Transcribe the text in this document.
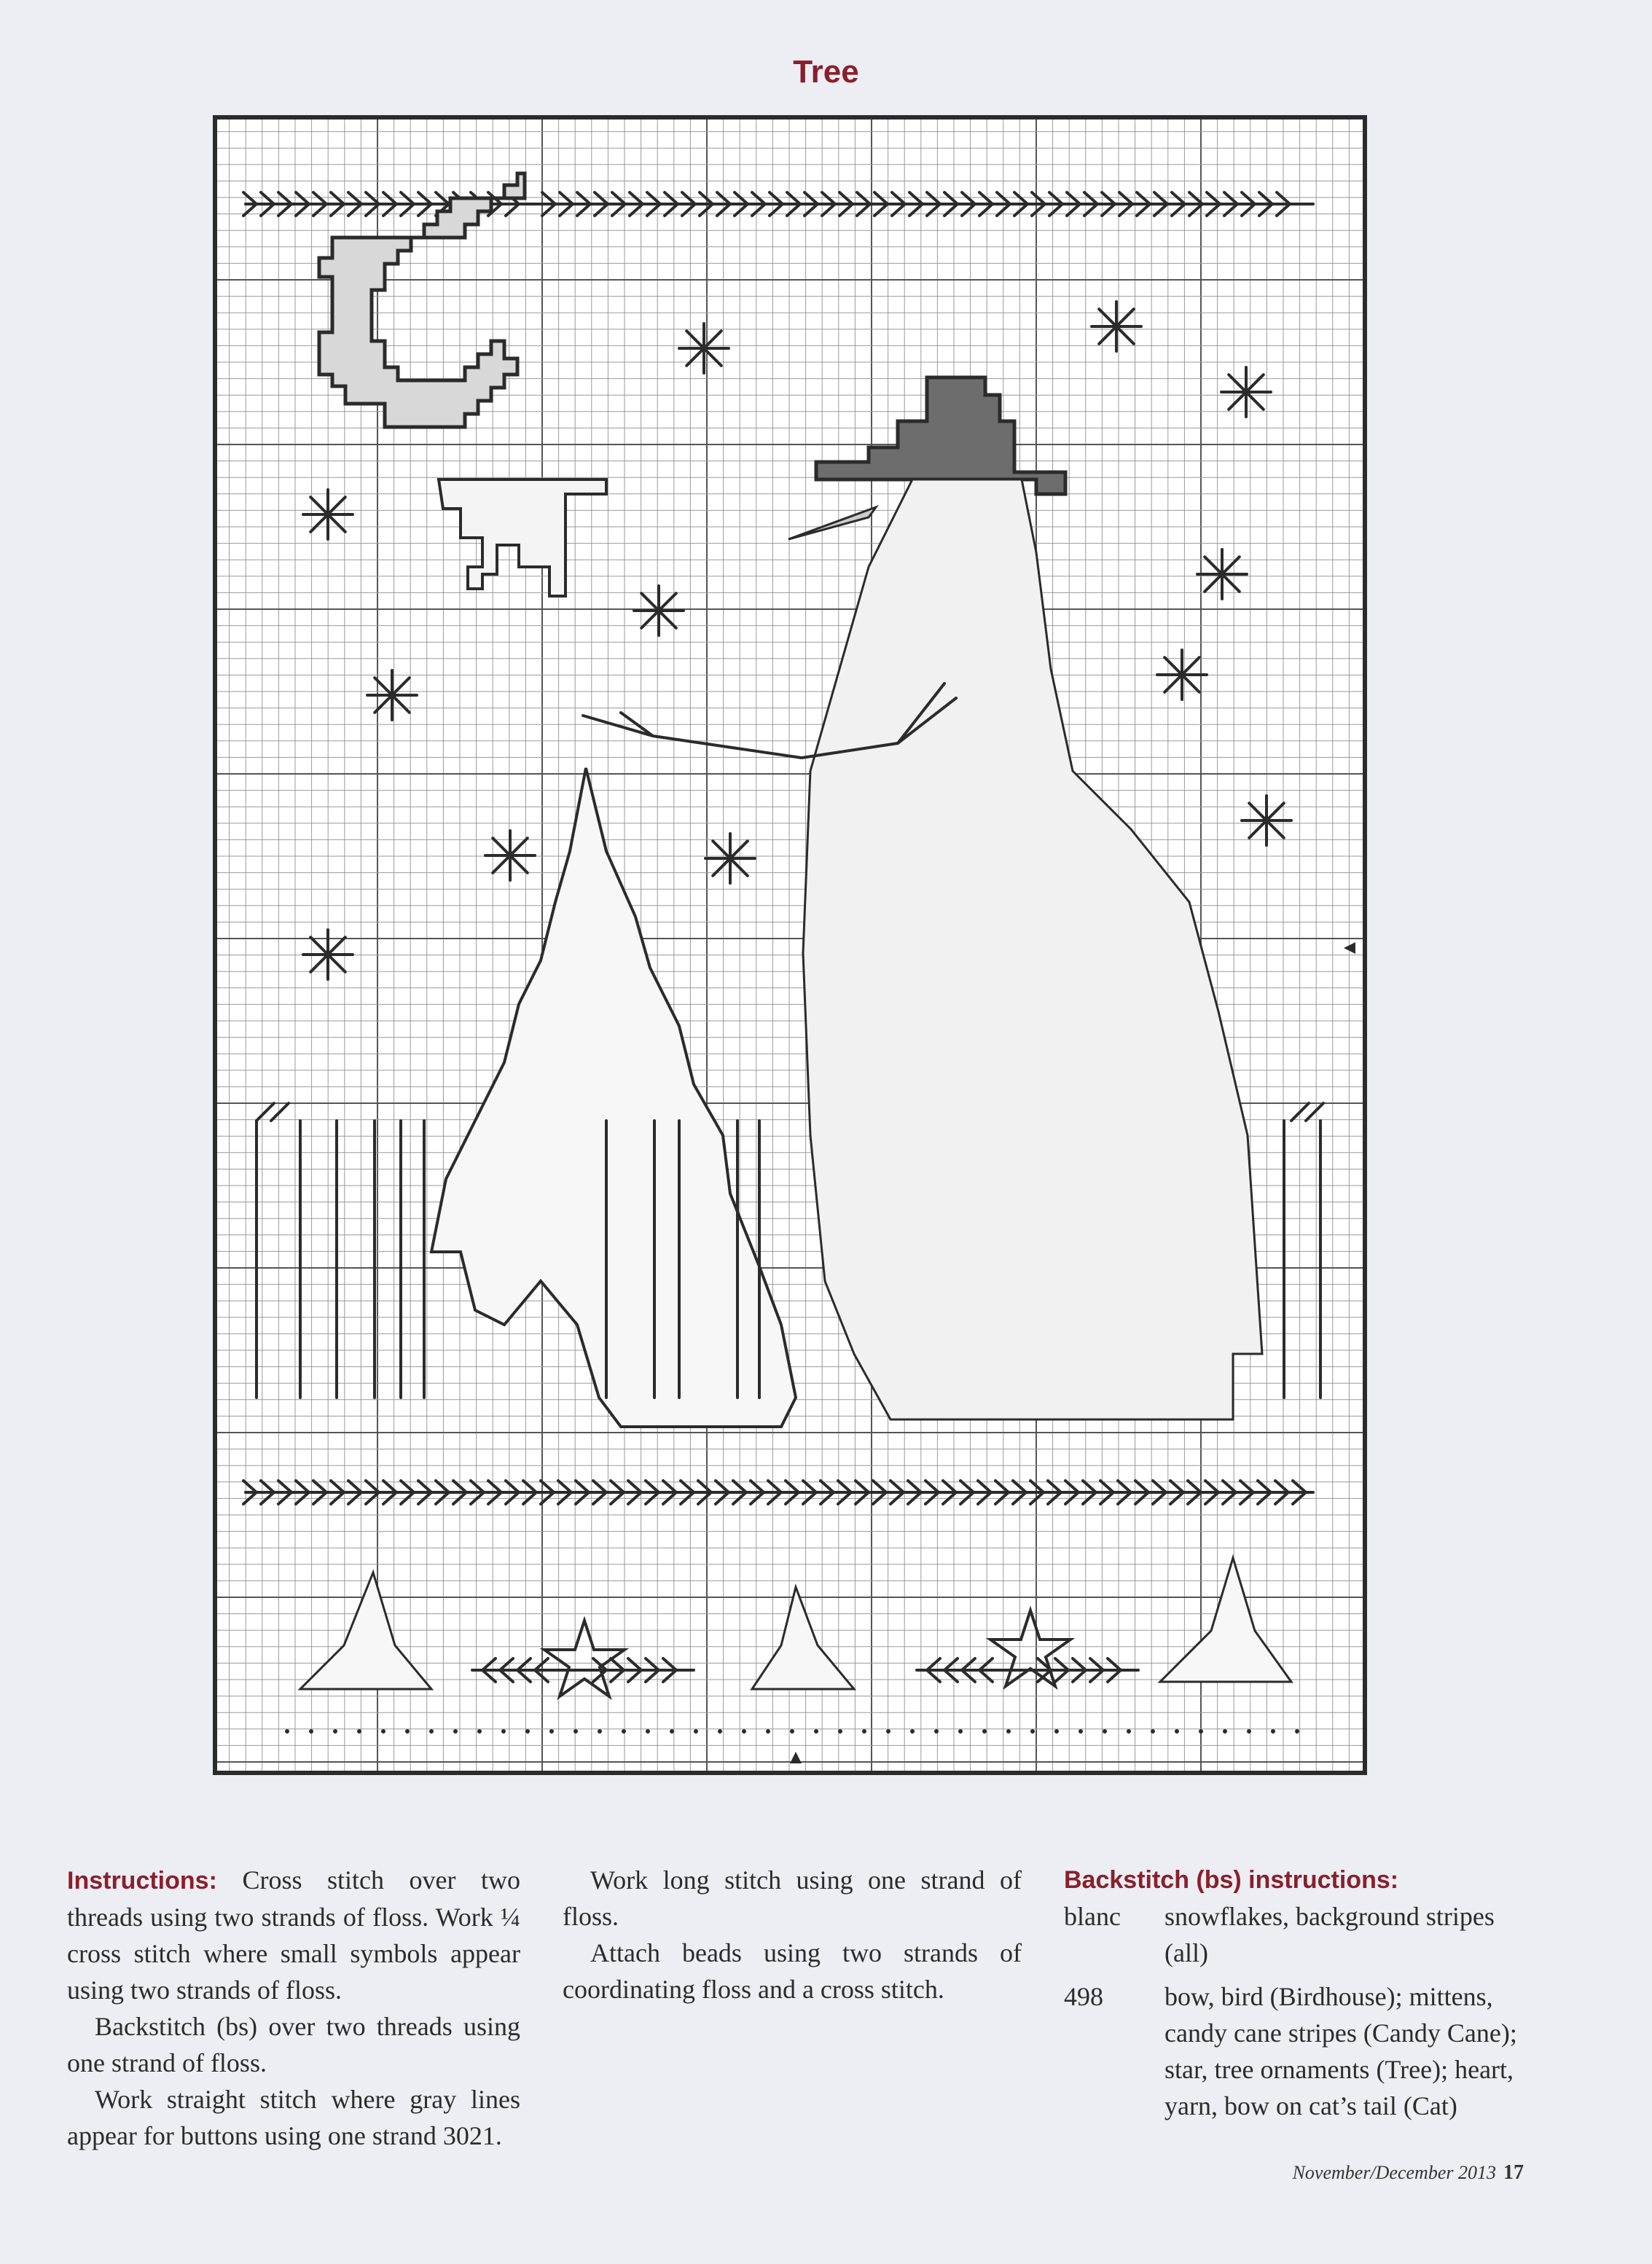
Tree

Instructions: Cross stitch over two threads using two strands of floss. Work ¼ cross stitch where small symbols appear using two strands of floss.

Backstitch (bs) over two threads using one strand of floss.

Work straight stitch where gray lines appear for buttons using one strand 3021.

Work long stitch using one strand of floss.

Attach beads using two strands of coordinating floss and a cross stitch.

Backstitch (bs) instructions:
blanc	snowflakes, background stripes (all)
498	bow, bird (Birdhouse); mittens, candy cane stripes (Candy Cane); star, tree ornaments (Tree); heart, yarn, bow on cat’s tail (Cat)
November/December 2013 17
